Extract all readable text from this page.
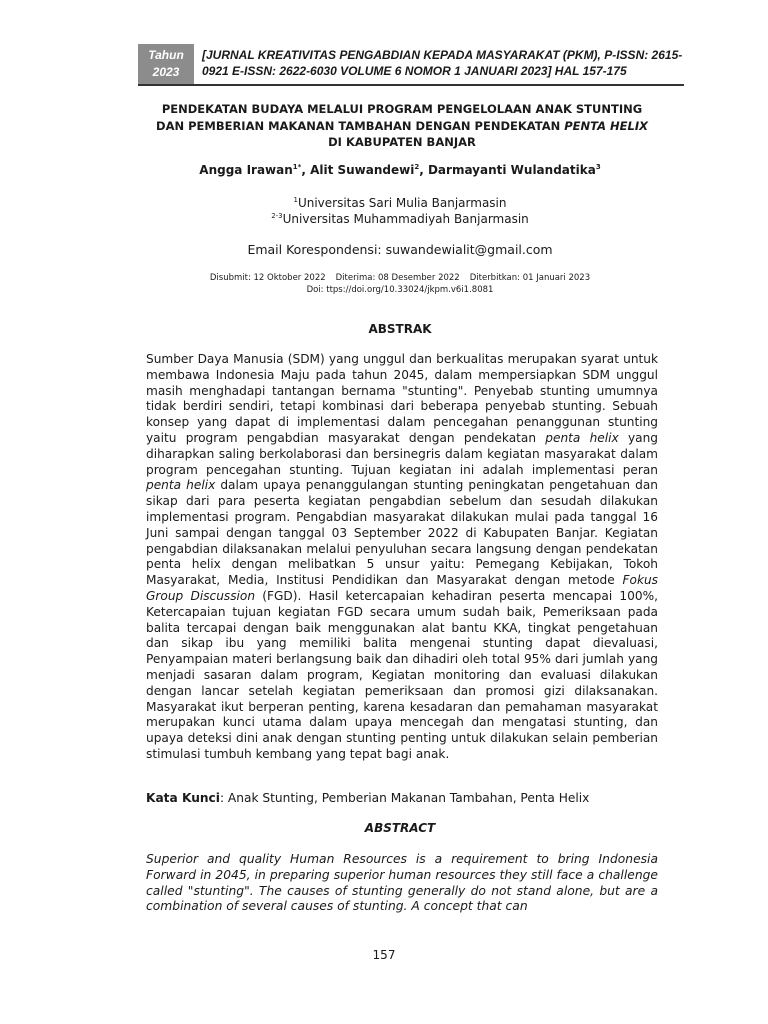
Tahun
2023
[JURNAL KREATIVITAS PENGABDIAN KEPADA MASYARAKAT (PKM), P-ISSN: 2615-
0921 E-ISSN: 2622-6030 VOLUME 6 NOMOR 1 JANUARI 2023] HAL 157-175
PENDEKATAN BUDAYA MELALUI PROGRAM PENGELOLAAN ANAK STUNTING
DAN PEMBERIAN MAKANAN TAMBAHAN DENGAN PENDEKATAN PENTA HELIX
DI KABUPATEN BANJAR
Angga Irawan$^{1*}$, Alit Suwandewi$^2$, Darmayanti Wulandatika$^3$
$^1$Universitas Sari Mulia Banjarmasin
$^{2-3}$Universitas Muhammadiyah Banjarmasin
Email Korespondensi: suwandewialit@gmail.com
Disubmit: 12 Oktober 2022 Diterima: 08 Desember 2022 Diterbitkan: 01 Januari 2023
Doi: ttps://doi.org/10.33024/jkpm.v6i1.8081
ABSTRAK

Sumber Daya Manusia (SDM) yang unggul dan berkualitas merupakan syarat untuk membawa Indonesia Maju pada tahun 2045, dalam mempersiapkan SDM unggul masih menghadapi tantangan bernama "stunting". Penyebab stunting umumnya tidak berdiri sendiri, tetapi kombinasi dari beberapa penyebab stunting. Sebuah konsep yang dapat di implementasi dalam pencegahan penanggunan stunting yaitu program pengabdian masyarakat dengan pendekatan penta helix yang diharapkan saling berkolaborasi dan bersinegris dalam kegiatan masyarakat dalam program pencegahan stunting. Tujuan kegiatan ini adalah implementasi peran penta helix dalam upaya penanggulangan stunting peningkatan pengetahuan dan sikap dari para peserta kegiatan pengabdian sebelum dan sesudah dilakukan implementasi program. Pengabdian masyarakat dilakukan mulai pada tanggal 16 Juni sampai dengan tanggal 03 September 2022 di Kabupaten Banjar. Kegiatan pengabdian dilaksanakan melalui penyuluhan secara langsung dengan pendekatan penta helix dengan melibatkan 5 unsur yaitu: Pemegang Kebijakan, Tokoh Masyarakat, Media, Institusi Pendidikan dan Masyarakat dengan metode Fokus Group Discussion (FGD). Hasil ketercapaian kehadiran peserta mencapai 100%, Ketercapaian tujuan kegiatan FGD secara umum sudah baik, Pemeriksaan pada balita tercapai dengan baik menggunakan alat bantu KKA, tingkat pengetahuan dan sikap ibu yang memiliki balita mengenai stunting dapat dievaluasi, Penyampaian materi berlangsung baik dan dihadiri oleh total 95% dari jumlah yang menjadi sasaran dalam program, Kegiatan monitoring dan evaluasi dilakukan dengan lancar setelah kegiatan pemeriksaan dan promosi gizi dilaksanakan. Masyarakat ikut berperan penting, karena kesadaran dan pemahaman masyarakat merupakan kunci utama dalam upaya mencegah dan mengatasi stunting, dan upaya deteksi dini anak dengan stunting penting untuk dilakukan selain pemberian stimulasi tumbuh kembang yang tepat bagi anak.

Kata Kunci: Anak Stunting, Pemberian Makanan Tambahan, Penta Helix
ABSTRACT

Superior and quality Human Resources is a requirement to bring Indonesia Forward in 2045, in preparing superior human resources they still face a challenge called "stunting". The causes of stunting generally do not stand alone, but are a combination of several causes of stunting. A concept that can

157
